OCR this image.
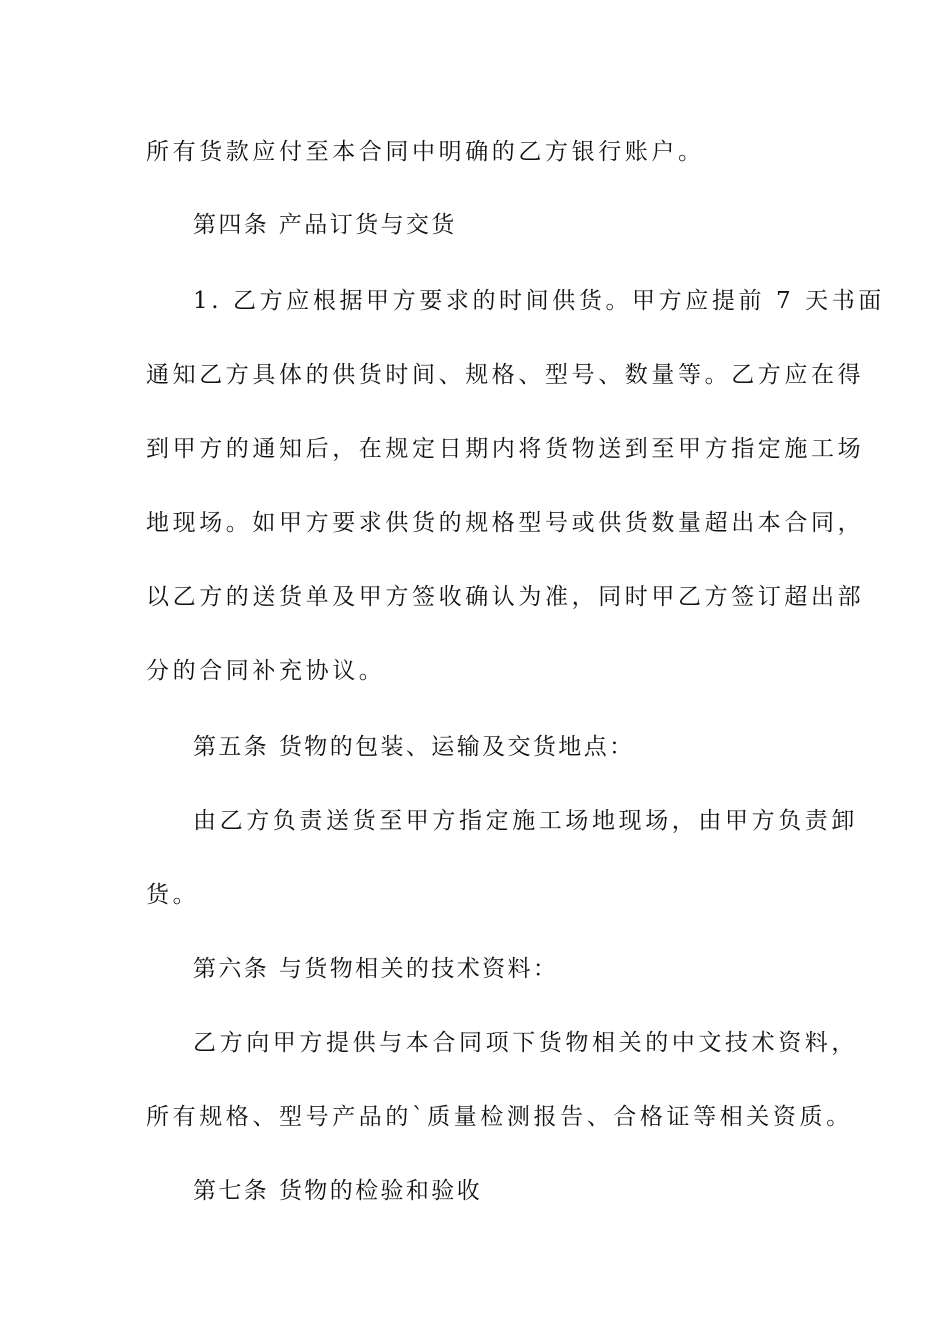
所有货款应付至本合同中明确的乙方银行账户。
第四条 产品订货与交货
1. 乙方应根据甲方要求的时间供货。甲方应提前 7 天书面
通知乙方具体的供货时间、规格、型号、数量等。乙方应在得
到甲方的通知后，在规定日期内将货物送到至甲方指定施工场
地现场。如甲方要求供货的规格型号或供货数量超出本合同，
以乙方的送货单及甲方签收确认为准，同时甲乙方签订超出部
分的合同补充协议。
第五条 货物的包装、运输及交货地点：
由乙方负责送货至甲方指定施工场地现场，由甲方负责卸
货。
第六条 与货物相关的技术资料：
乙方向甲方提供与本合同项下货物相关的中文技术资料，
所有规格、型号产品的`质量检测报告、合格证等相关资质。
第七条 货物的检验和验收
